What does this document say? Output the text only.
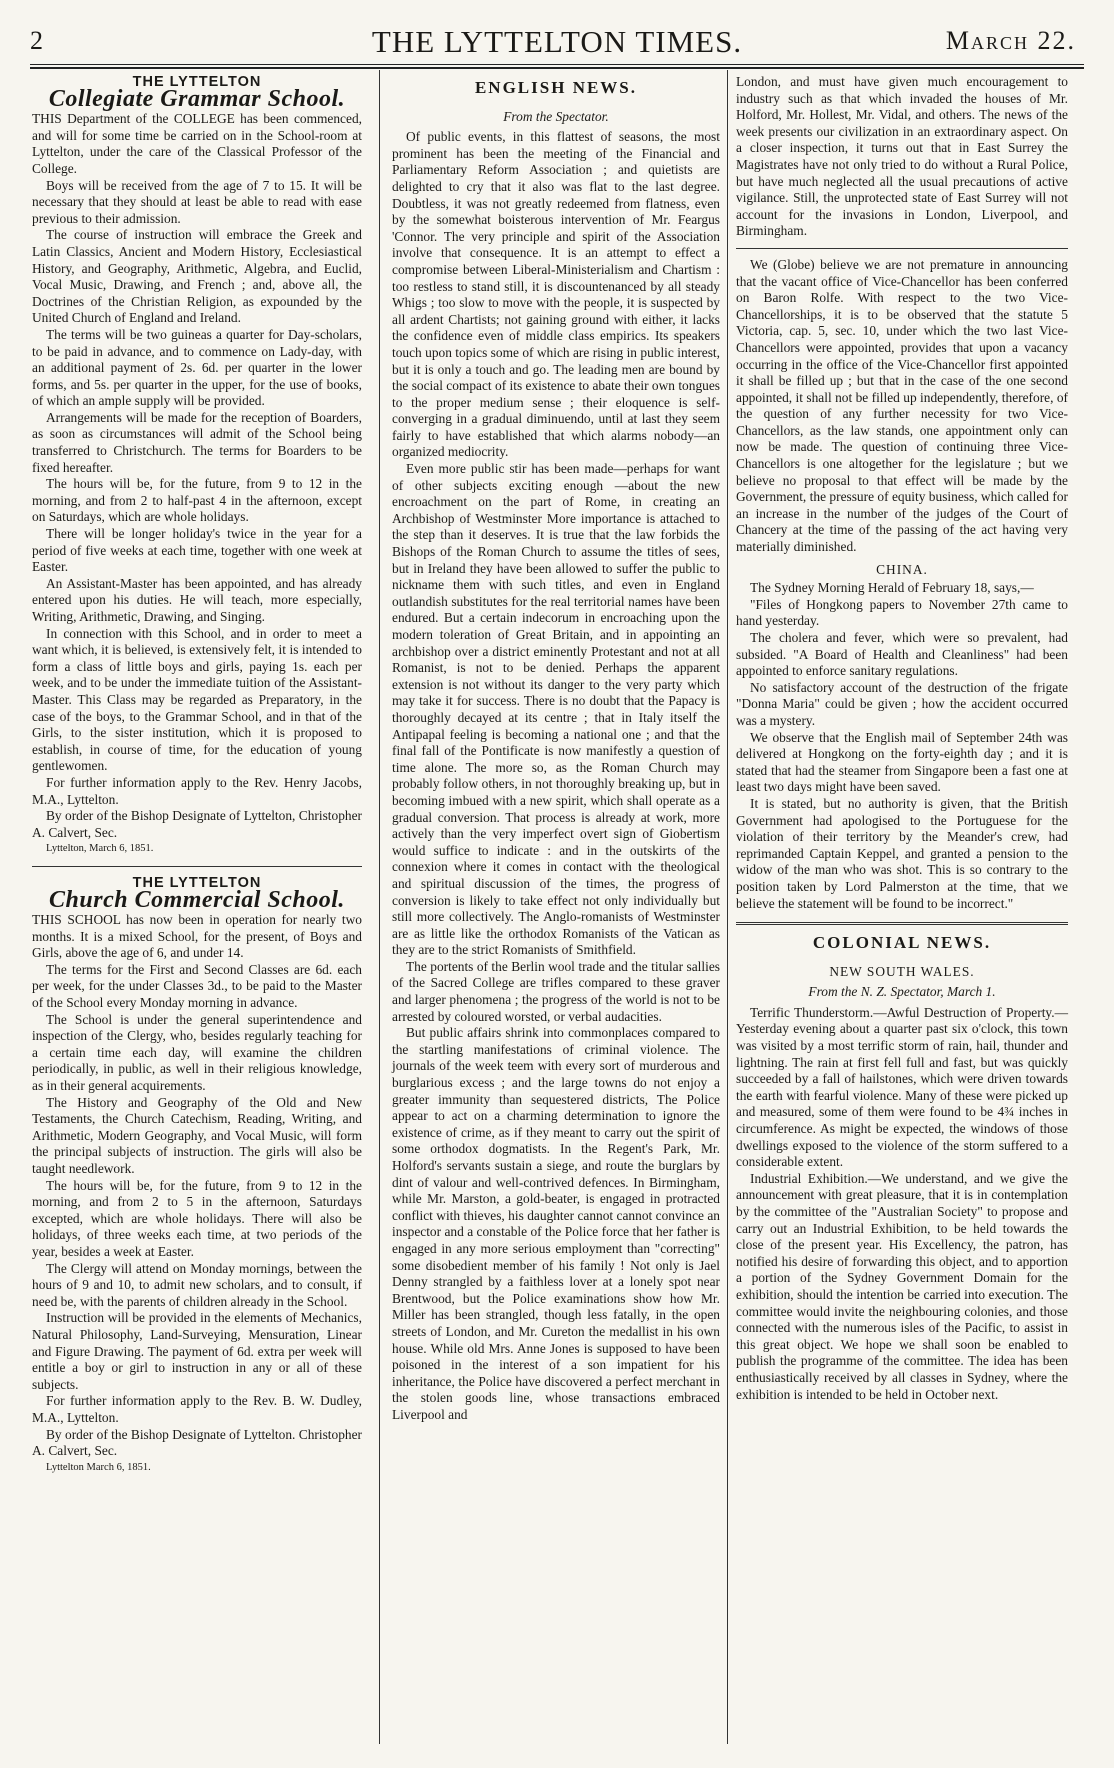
2	THE LYTTELTON TIMES.	March 22.
THE LYTTELTON
Collegiate Grammar School.

THIS Department of the COLLEGE has been commenced, and will for some time be carried on in the School-room at Lyttelton, under the care of the Classical Professor of the College.

Boys will be received from the age of 7 to 15. It will be necessary that they should at least be able to read with ease previous to their admission.

The course of instruction will embrace the Greek and Latin Classics, Ancient and Modern History, Ecclesiastical History, and Geography, Arithmetic, Algebra, and Euclid, Vocal Music, Drawing, and French ; and, above all, the Doctrines of the Christian Religion, as expounded by the United Church of England and Ireland.

The terms will be two guineas a quarter for Day-scholars, to be paid in advance, and to commence on Lady-day, with an additional payment of 2s. 6d. per quarter in the lower forms, and 5s. per quarter in the upper, for the use of books, of which an ample supply will be provided.

Arrangements will be made for the reception of Boarders, as soon as circumstances will admit of the School being transferred to Christchurch. The terms for Boarders to be fixed hereafter.

The hours will be, for the future, from 9 to 12 in the morning, and from 2 to half-past 4 in the afternoon, except on Saturdays, which are whole holidays.

There will be longer holiday's twice in the year for a period of five weeks at each time, together with one week at Easter.

An Assistant-Master has been appointed, and has already entered upon his duties. He will teach, more especially, Writing, Arithmetic, Drawing, and Singing.

In connection with this School, and in order to meet a want which, it is believed, is extensively felt, it is intended to form a class of little boys and girls, paying 1s. each per week, and to be under the immediate tuition of the Assistant-Master. This Class may be regarded as Preparatory, in the case of the boys, to the Grammar School, and in that of the Girls, to the sister institution, which it is proposed to establish, in course of time, for the education of young gentlewomen.

For further information apply to the Rev. Henry Jacobs, M.A., Lyttelton.

By order of the Bishop Designate of Lyttelton, Christopher A. Calvert, Sec.

Lyttelton, March 6, 1851.

THE LYTTELTON
Church Commercial School.

THIS SCHOOL has now been in operation for nearly two months. It is a mixed School, for the present, of Boys and Girls, above the age of 6, and under 14.

The terms for the First and Second Classes are 6d. each per week, for the under Classes 3d., to be paid to the Master of the School every Monday morning in advance.

The School is under the general superintendence and inspection of the Clergy, who, besides regularly teaching for a certain time each day, will examine the children periodically, in public, as well in their religious knowledge, as in their general acquirements.

The History and Geography of the Old and New Testaments, the Church Catechism, Reading, Writing, and Arithmetic, Modern Geography, and Vocal Music, will form the principal subjects of instruction. The girls will also be taught needlework.

The hours will be, for the future, from 9 to 12 in the morning, and from 2 to 5 in the afternoon, Saturdays excepted, which are whole holidays. There will also be holidays, of three weeks each time, at two periods of the year, besides a week at Easter.

The Clergy will attend on Monday mornings, between the hours of 9 and 10, to admit new scholars, and to consult, if need be, with the parents of children already in the School.

Instruction will be provided in the elements of Mechanics, Natural Philosophy, Land-Surveying, Mensuration, Linear and Figure Drawing. The payment of 6d. extra per week will entitle a boy or girl to instruction in any or all of these subjects.

For further information apply to the Rev. B. W. Dudley, M.A., Lyttelton.

By order of the Bishop Designate of Lyttelton. Christopher A. Calvert, Sec.

Lyttelton March 6, 1851.

ENGLISH NEWS.
From the Spectator.

Of public events, in this flattest of seasons, the most prominent has been the meeting of the Financial and Parliamentary Reform Association ; and quietists are delighted to cry that it also was flat to the last degree. Doubtless, it was not greatly redeemed from flatness, even by the somewhat boisterous intervention of Mr. Feargus 'Connor. The very principle and spirit of the Association involve that consequence. It is an attempt to effect a compromise between Liberal-Ministerialism and Chartism : too restless to stand still, it is discountenanced by all steady Whigs ; too slow to move with the people, it is suspected by all ardent Chartists; not gaining ground with either, it lacks the confidence even of middle class empirics. Its speakers touch upon topics some of which are rising in public interest, but it is only a touch and go. The leading men are bound by the social compact of its existence to abate their own tongues to the proper medium sense ; their eloquence is self-converging in a gradual diminuendo, until at last they seem fairly to have established that which alarms nobody—an organized mediocrity.

Even more public stir has been made—perhaps for want of other subjects exciting enough —about the new encroachment on the part of Rome, in creating an Archbishop of Westminster More importance is attached to the step than it deserves. It is true that the law forbids the Bishops of the Roman Church to assume the titles of sees, but in Ireland they have been allowed to suffer the public to nickname them with such titles, and even in England outlandish substitutes for the real territorial names have been endured. But a certain indecorum in encroaching upon the modern toleration of Great Britain, and in appointing an archbishop over a district eminently Protestant and not at all Romanist, is not to be denied. Perhaps the apparent extension is not without its danger to the very party which may take it for success. There is no doubt that the Papacy is thoroughly decayed at its centre ; that in Italy itself the Antipapal feeling is becoming a national one ; and that the final fall of the Pontificate is now manifestly a question of time alone. The more so, as the Roman Church may probably follow others, in not thoroughly breaking up, but in becoming imbued with a new spirit, which shall operate as a gradual conversion. That process is already at work, more actively than the very imperfect overt sign of Giobertism would suffice to indicate : and in the outskirts of the connexion where it comes in contact with the theological and spiritual discussion of the times, the progress of conversion is likely to take effect not only individually but still more collectively. The Anglo-romanists of Westminster are as little like the orthodox Romanists of the Vatican as they are to the strict Romanists of Smithfield.

The portents of the Berlin wool trade and the titular sallies of the Sacred College are trifles compared to these graver and larger phenomena ; the progress of the world is not to be arrested by coloured worsted, or verbal audacities.

But public affairs shrink into commonplaces compared to the startling manifestations of criminal violence. The journals of the week teem with every sort of murderous and burglarious excess ; and the large towns do not enjoy a greater immunity than sequestered districts, The Police appear to act on a charming determination to ignore the existence of crime, as if they meant to carry out the spirit of some orthodox dogmatists. In the Regent's Park, Mr. Holford's servants sustain a siege, and route the burglars by dint of valour and well-contrived defences. In Birmingham, while Mr. Marston, a gold-beater, is engaged in protracted conflict with thieves, his daughter cannot cannot convince an inspector and a constable of the Police force that her father is engaged in any more serious employment than "correcting" some disobedient member of his family ! Not only is Jael Denny strangled by a faithless lover at a lonely spot near Brentwood, but the Police examinations show how Mr. Miller has been strangled, though less fatally, in the open streets of London, and Mr. Cureton the medallist in his own house. While old Mrs. Anne Jones is supposed to have been poisoned in the interest of a son impatient for his inheritance, the Police have discovered a perfect merchant in the stolen goods line, whose transactions embraced Liverpool and

London, and must have given much encouragement to industry such as that which invaded the houses of Mr. Holford, Mr. Hollest, Mr. Vidal, and others. The news of the week presents our civilization in an extraordinary aspect. On a closer inspection, it turns out that in East Surrey the Magistrates have not only tried to do without a Rural Police, but have much neglected all the usual precautions of active vigilance. Still, the unprotected state of East Surrey will not account for the invasions in London, Liverpool, and Birmingham.

We (Globe) believe we are not premature in announcing that the vacant office of Vice-Chancellor has been conferred on Baron Rolfe. With respect to the two Vice-Chancellorships, it is to be observed that the statute 5 Victoria, cap. 5, sec. 10, under which the two last Vice-Chancellors were appointed, provides that upon a vacancy occurring in the office of the Vice-Chancellor first appointed it shall be filled up ; but that in the case of the one second appointed, it shall not be filled up independently, therefore, of the question of any further necessity for two Vice-Chancellors, as the law stands, one appointment only can now be made. The question of continuing three Vice-Chancellors is one altogether for the legislature ; but we believe no proposal to that effect will be made by the Government, the pressure of equity business, which called for an increase in the number of the judges of the Court of Chancery at the time of the passing of the act having very materially diminished.

CHINA.

The Sydney Morning Herald of February 18, says,—

"Files of Hongkong papers to November 27th came to hand yesterday.

The cholera and fever, which were so prevalent, had subsided. "A Board of Health and Cleanliness" had been appointed to enforce sanitary regulations.

No satisfactory account of the destruction of the frigate "Donna Maria" could be given ; how the accident occurred was a mystery.

We observe that the English mail of September 24th was delivered at Hongkong on the forty-eighth day ; and it is stated that had the steamer from Singapore been a fast one at least two days might have been saved.

It is stated, but no authority is given, that the British Government had apologised to the Portuguese for the violation of their territory by the Meander's crew, had reprimanded Captain Keppel, and granted a pension to the widow of the man who was shot. This is so contrary to the position taken by Lord Palmerston at the time, that we believe the statement will be found to be incorrect."

COLONIAL NEWS.
NEW SOUTH WALES.
From the N. Z. Spectator, March 1.

Terrific Thunderstorm.—Awful Destruction of Property.—Yesterday evening about a quarter past six o'clock, this town was visited by a most terrific storm of rain, hail, thunder and lightning. The rain at first fell full and fast, but was quickly succeeded by a fall of hailstones, which were driven towards the earth with fearful violence. Many of these were picked up and measured, some of them were found to be 4¾ inches in circumference. As might be expected, the windows of those dwellings exposed to the violence of the storm suffered to a considerable extent.

Industrial Exhibition.—We understand, and we give the announcement with great pleasure, that it is in contemplation by the committee of the "Australian Society" to propose and carry out an Industrial Exhibition, to be held towards the close of the present year. His Excellency, the patron, has notified his desire of forwarding this object, and to apportion a portion of the Sydney Government Domain for the exhibition, should the intention be carried into execution. The committee would invite the neighbouring colonies, and those connected with the numerous isles of the Pacific, to assist in this great object. We hope we shall soon be enabled to publish the programme of the committee. The idea has been enthusiastically received by all classes in Sydney, where the exhibition is intended to be held in October next.
